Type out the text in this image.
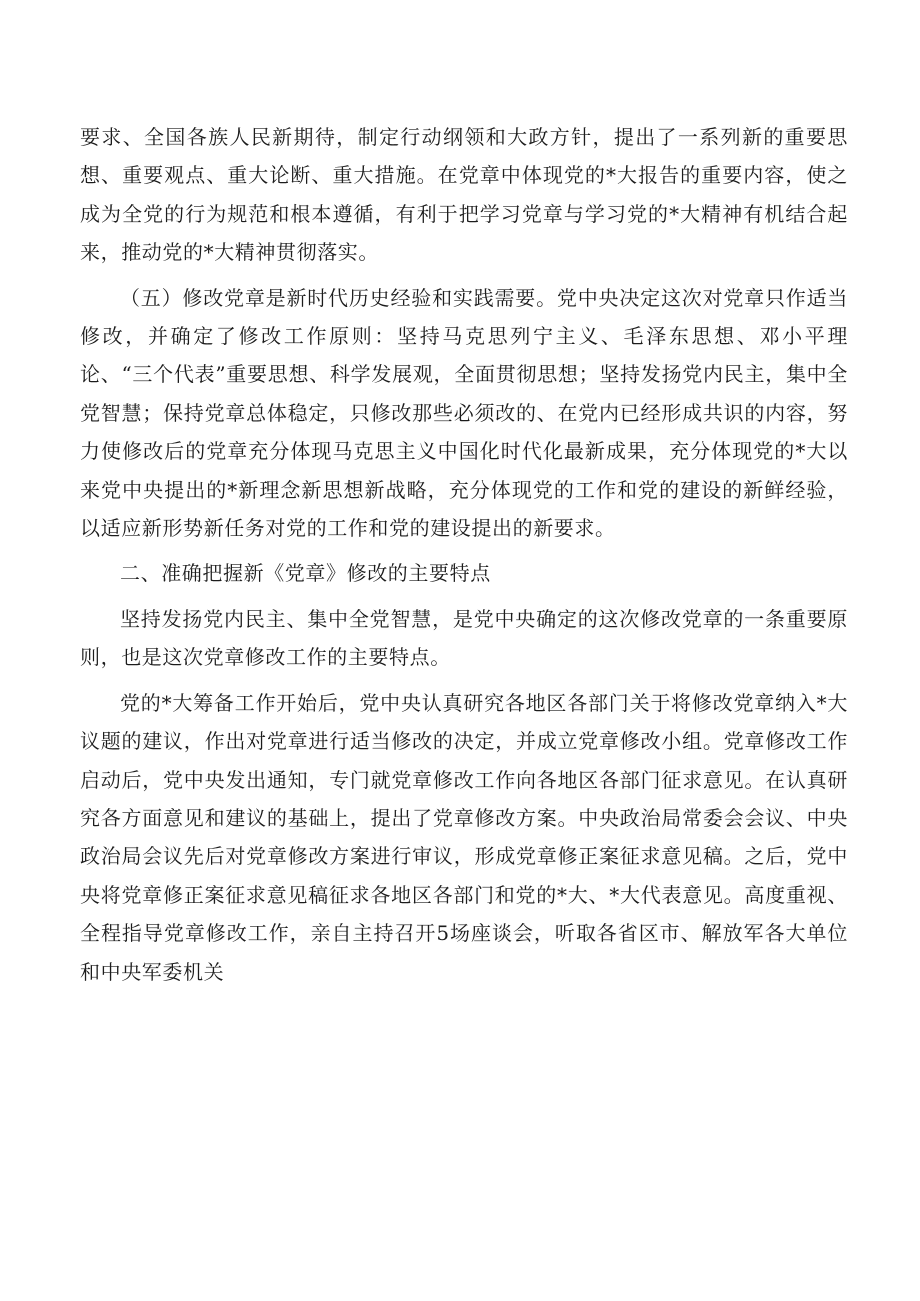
要求、全国各族人民新期待，制定行动纲领和大政方针，提出了一系列新的重要思想、重要观点、重大论断、重大措施。在党章中体现党的*大报告的重要内容，使之成为全党的行为规范和根本遵循，有利于把学习党章与学习党的*大精神有机结合起来，推动党的*大精神贯彻落实。

（五）修改党章是新时代历史经验和实践需要。党中央决定这次对党章只作适当修改，并确定了修改工作原则：坚持马克思列宁主义、毛泽东思想、邓小平理论、“三个代表”重要思想、科学发展观，全面贯彻思想；坚持发扬党内民主，集中全党智慧；保持党章总体稳定，只修改那些必须改的、在党内已经形成共识的内容，努力使修改后的党章充分体现马克思主义中国化时代化最新成果，充分体现党的*大以来党中央提出的*新理念新思想新战略，充分体现党的工作和党的建设的新鲜经验，以适应新形势新任务对党的工作和党的建设提出的新要求。

二、准确把握新《党章》修改的主要特点

坚持发扬党内民主、集中全党智慧，是党中央确定的这次修改党章的一条重要原则，也是这次党章修改工作的主要特点。

党的*大筹备工作开始后，党中央认真研究各地区各部门关于将修改党章纳入*大议题的建议，作出对党章进行适当修改的决定，并成立党章修改小组。党章修改工作启动后，党中央发出通知，专门就党章修改工作向各地区各部门征求意见。在认真研究各方面意见和建议的基础上，提出了党章修改方案。中央政治局常委会会议、中央政治局会议先后对党章修改方案进行审议，形成党章修正案征求意见稿。之后，党中央将党章修正案征求意见稿征求各地区各部门和党的*大、*大代表意见。高度重视、全程指导党章修改工作，亲自主持召开5场座谈会，听取各省区市、解放军各大单位和中央军委机关
